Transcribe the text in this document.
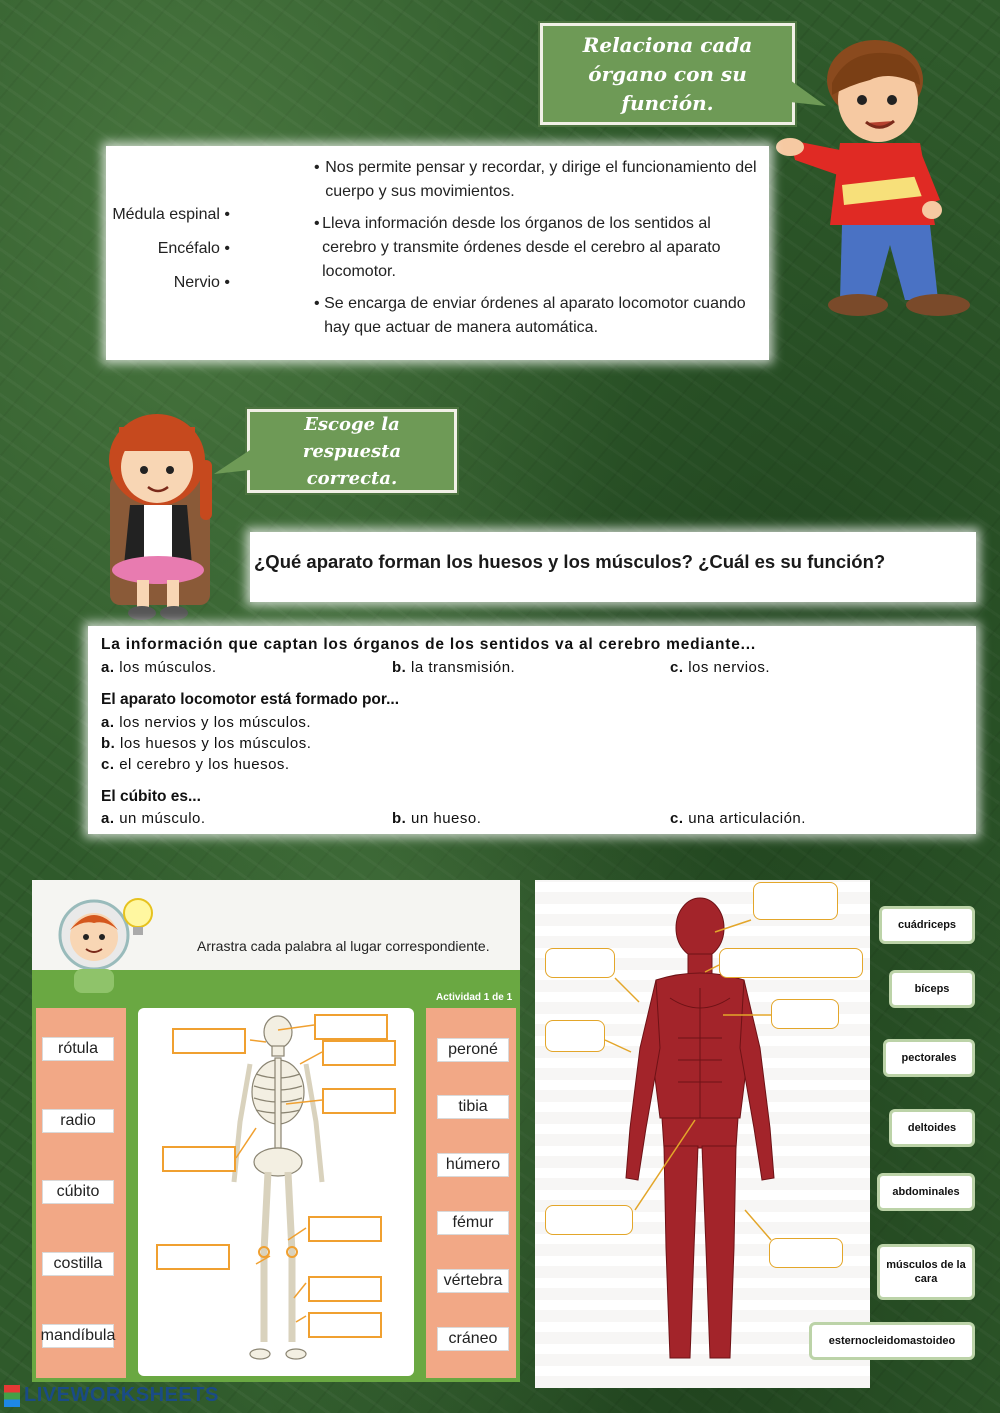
Relaciona cada órgano con su función.
Médula espinal •
Encéfalo •
Nervio •
• Nos permite pensar y recordar, y dirige el funcionamiento del cuerpo y sus movimientos.
• Lleva información desde los órganos de los sentidos al cerebro y transmite órdenes desde el cerebro al aparato locomotor.
• Se encarga de enviar órdenes al aparato locomotor cuando hay que actuar de manera automática.
Escoge la respuesta correcta.
¿Qué aparato forman los huesos y los músculos? ¿Cuál es su función?
La información que captan los órganos de los sentidos va al cerebro mediante...
a. los músculos.	b. la transmisión.	c. los nervios.
El aparato locomotor está formado por...
a. los nervios y los músculos.
b. los huesos y los músculos.
c. el cerebro y los huesos.
El cúbito es...
a. un músculo.	b. un hueso.	c. una articulación.
Arrastra cada palabra al lugar correspondiente.
Actividad 1 de 1
rótula
radio
cúbito
costilla
mandíbula
peroné
tibia
húmero
fémur
vértebra
cráneo
cuádriceps
bíceps
pectorales
deltoides
abdominales
músculos de la cara
esternocleidomastoideo
LIVEWORKSHEETS
